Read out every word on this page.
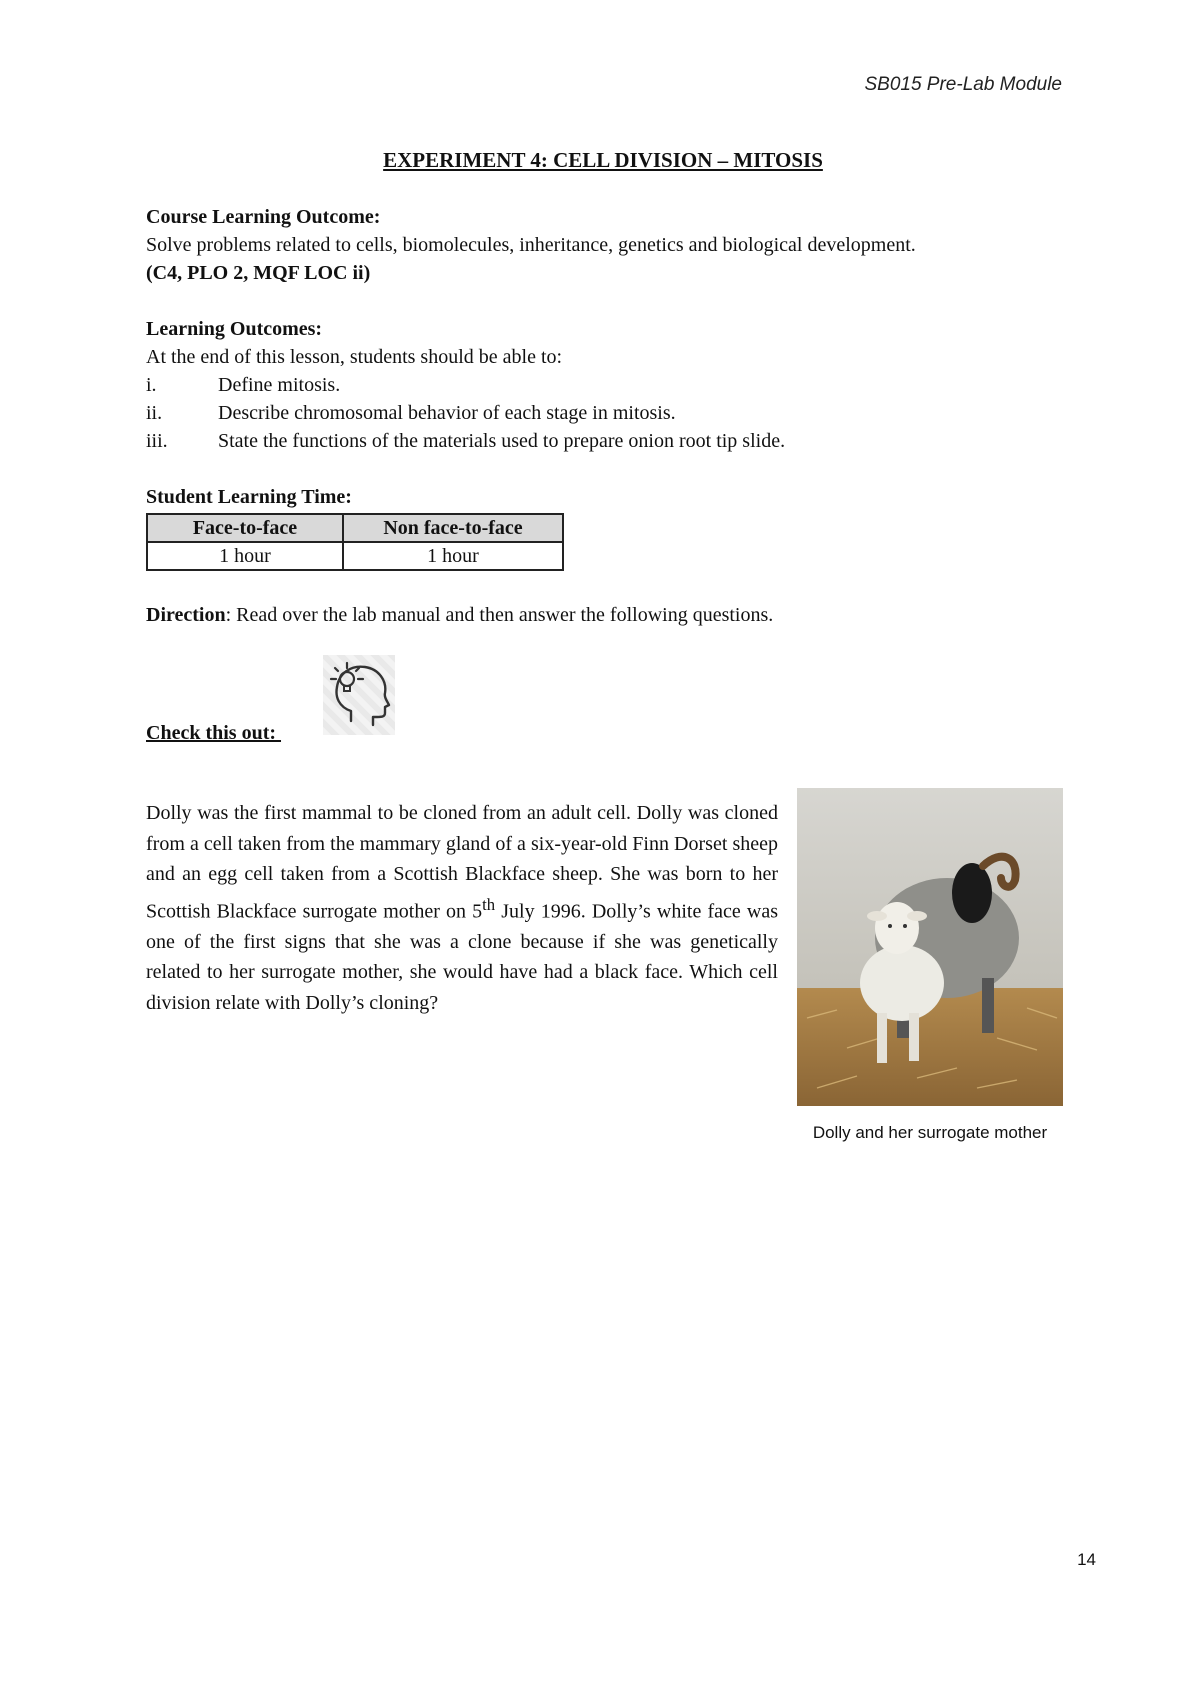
SB015 Pre-Lab Module
EXPERIMENT 4: CELL DIVISION – MITOSIS

Course Learning Outcome:

Solve problems related to cells, biomolecules, inheritance, genetics and biological development.

(C4, PLO 2, MQF LOC ii)

Learning Outcomes:

At the end of this lesson, students should be able to:

i.	Define mitosis.
ii.	Describe chromosomal behavior of each stage in mitosis.
iii.	State the functions of the materials used to prepare onion root tip slide.

Student Learning Time:

Face-to-face	Non face-to-face
1 hour	1 hour

Direction: Read over the lab manual and then answer the following questions.

Check this out:

Dolly was the first mammal to be cloned from an adult cell. Dolly was cloned from a cell taken from the mammary gland of a six-year-old Finn Dorset sheep and an egg cell taken from a Scottish Blackface sheep. She was born to her Scottish Blackface surrogate mother on 5th July 1996. Dolly’s white face was one of the first signs that she was a clone because if she was genetically related to her surrogate mother, she would have had a black face. Which cell division relate with Dolly’s cloning?

Dolly and her surrogate mother
14
